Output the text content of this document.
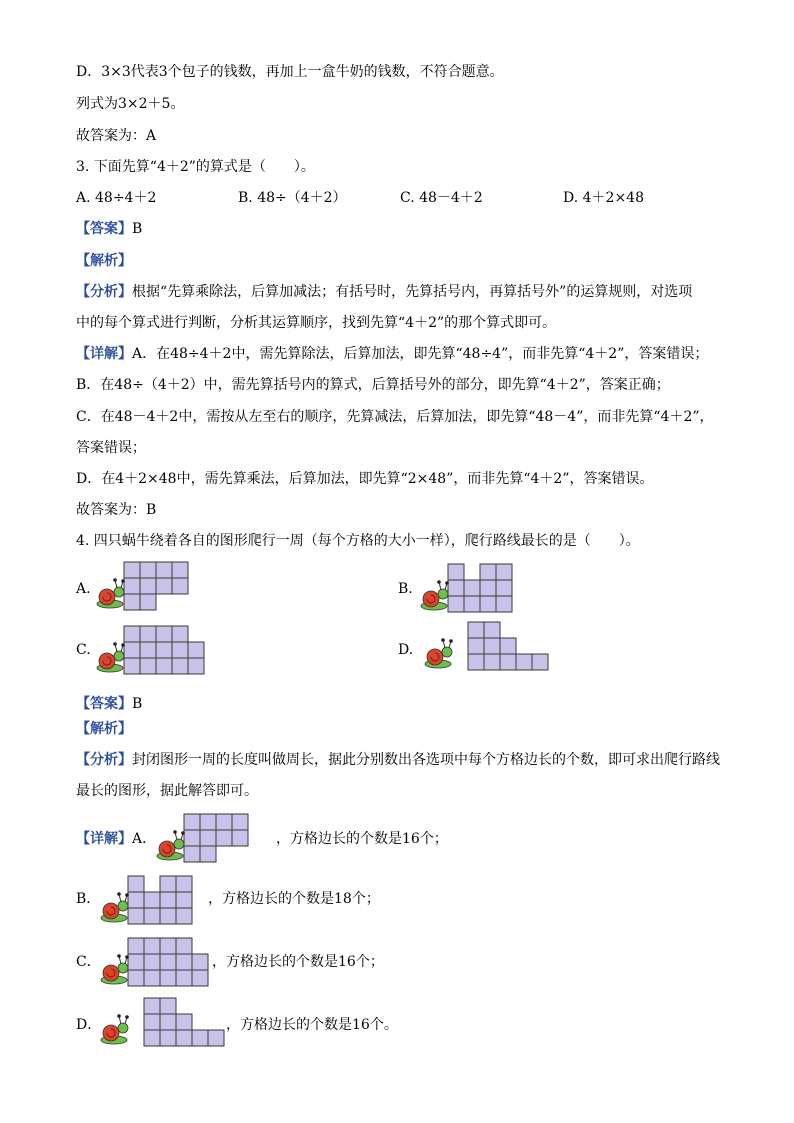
D．3×3代表3个包子的钱数，再加上一盒牛奶的钱数，不符合题意。
列式为3×2＋5。
故答案为：A
3. 下面先算“4＋2”的算式是（　　）。
A. 48÷4＋2	B. 48÷（4＋2）	C. 48－4＋2	D. 4＋2×48
【答案】B
【解析】
【分析】根据“先算乘除法，后算加减法；有括号时，先算括号内，再算括号外”的运算规则，对选项
中的每个算式进行判断，分析其运算顺序，找到先算“4＋2”的那个算式即可。
【详解】A．在48÷4＋2中，需先算除法，后算加法，即先算“48÷4”，而非先算“4＋2”，答案错误；
B．在48÷（4＋2）中，需先算括号内的算式，后算括号外的部分，即先算“4＋2”，答案正确；
C．在48－4＋2中，需按从左至右的顺序，先算减法，后算加法，即先算“48－4”，而非先算“4＋2”，
答案错误；
D．在4＋2×48中，需先算乘法，后算加法，即先算“2×48”，而非先算“4＋2”，答案错误。
故答案为：B
4. 四只蜗牛绕着各自的图形爬行一周（每个方格的大小一样），爬行路线最长的是（　　）。
A.	B.
C.	D.
【答案】B
【解析】
【分析】封闭图形一周的长度叫做周长，据此分别数出各选项中每个方格边长的个数，即可求出爬行路线
最长的图形，据此解答即可。
【详解】A．	，方格边长的个数是16个；
B．	，方格边长的个数是18个；
C．	，方格边长的个数是16个；
D．	，方格边长的个数是16个。
